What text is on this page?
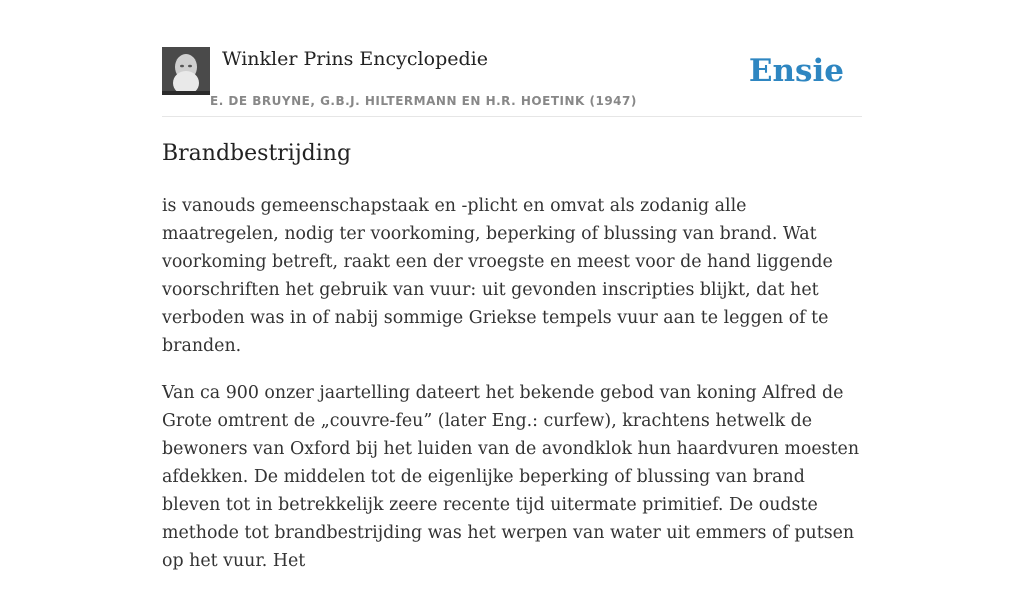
Winkler Prins Encyclopedie
E. DE BRUYNE, G.B.J. HILTERMANN EN H.R. HOETINK (1947)
Ensie
Brandbestrijding

is vanouds gemeenschapstaak en -plicht en omvat als zodanig alle maatregelen, nodig ter voorkoming, beperking of blussing van brand. Wat voorkoming betreft, raakt een der vroegste en meest voor de hand liggende voorschriften het gebruik van vuur: uit gevonden inscripties blijkt, dat het verboden was in of nabij sommige Griekse tempels vuur aan te leggen of te branden.

Van ca 900 onzer jaartelling dateert het bekende gebod van koning Alfred de Grote omtrent de „couvre-feu” (later Eng.: curfew), krachtens hetwelk de bewoners van Oxford bij het luiden van de avondklok hun haardvuren moesten afdekken. De middelen tot de eigenlijke beperking of blussing van brand bleven tot in betrekkelijk zeere recente tijd uitermate primitief. De oudste methode tot brandbestrijding was het werpen van water uit emmers of putsen op het vuur. Het
